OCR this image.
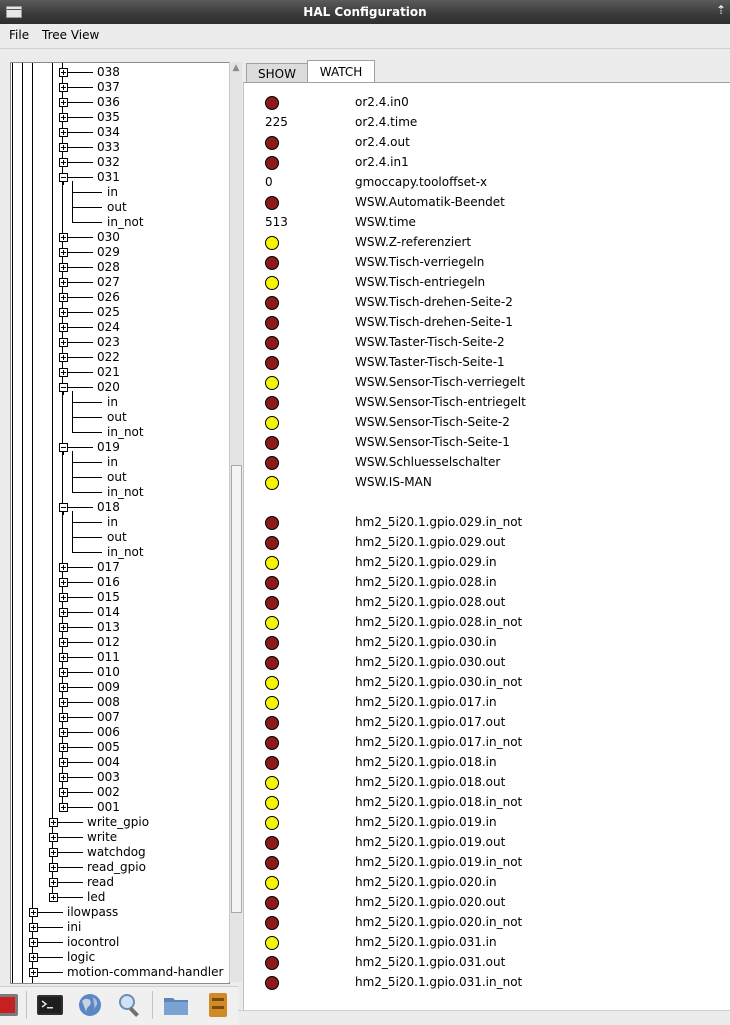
HAL Configuration	⇡
File Tree View
038
037
036
035
034
033
032
031
in
out
in_not
030
029
028
027
026
025
024
023
022
021
020
in
out
in_not
019
in
out
in_not
018
in
out
in_not
017
016
015
014
013
012
011
010
009
008
007
006
005
004
003
002
001
write_gpio
write
watchdog
read_gpio
read
led
ilowpass
ini
iocontrol
logic
motion-command-handler
▲	SHOW	WATCH
or2.4.in0
225	or2.4.time
or2.4.out
or2.4.in1
0	gmoccapy.tooloffset-x
WSW.Automatik-Beendet
513	WSW.time
WSW.Z-referenziert
WSW.Tisch-verriegeln
WSW.Tisch-entriegeln
WSW.Tisch-drehen-Seite-2
WSW.Tisch-drehen-Seite-1
WSW.Taster-Tisch-Seite-2
WSW.Taster-Tisch-Seite-1
WSW.Sensor-Tisch-verriegelt
WSW.Sensor-Tisch-entriegelt
WSW.Sensor-Tisch-Seite-2
WSW.Sensor-Tisch-Seite-1
WSW.Schluesselschalter
WSW.IS-MAN
hm2_5i20.1.gpio.029.in_not
hm2_5i20.1.gpio.029.out
hm2_5i20.1.gpio.029.in
hm2_5i20.1.gpio.028.in
hm2_5i20.1.gpio.028.out
hm2_5i20.1.gpio.028.in_not
hm2_5i20.1.gpio.030.in
hm2_5i20.1.gpio.030.out
hm2_5i20.1.gpio.030.in_not
hm2_5i20.1.gpio.017.in
hm2_5i20.1.gpio.017.out
hm2_5i20.1.gpio.017.in_not
hm2_5i20.1.gpio.018.in
hm2_5i20.1.gpio.018.out
hm2_5i20.1.gpio.018.in_not
hm2_5i20.1.gpio.019.in
hm2_5i20.1.gpio.019.out
hm2_5i20.1.gpio.019.in_not
hm2_5i20.1.gpio.020.in
hm2_5i20.1.gpio.020.out
hm2_5i20.1.gpio.020.in_not
hm2_5i20.1.gpio.031.in
hm2_5i20.1.gpio.031.out
hm2_5i20.1.gpio.031.in_not
